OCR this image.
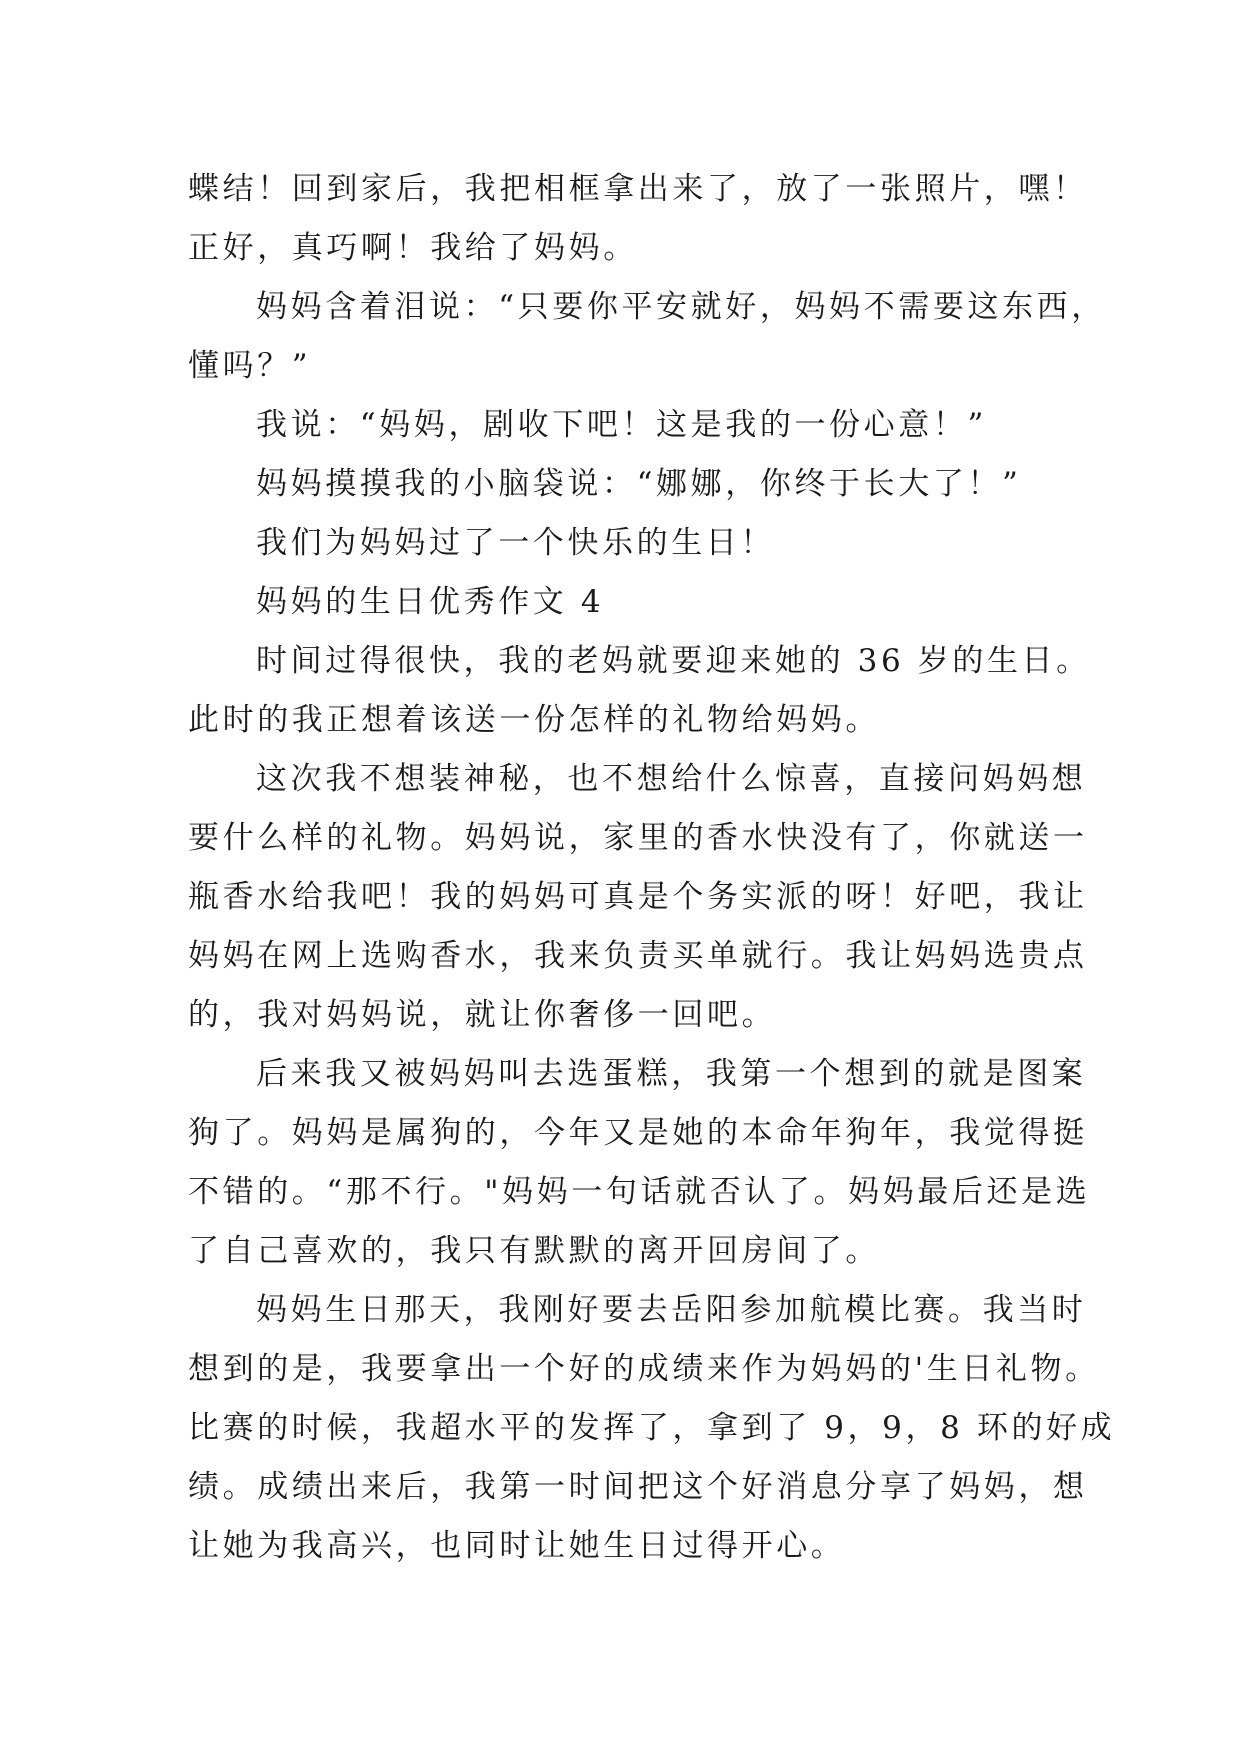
蝶结！回到家后，我把相框拿出来了，放了一张照片，嘿！
正好，真巧啊！我给了妈妈。

妈妈含着泪说：“只要你平安就好，妈妈不需要这东西，
懂吗？”

我说：“妈妈，剧收下吧！这是我的一份心意！”

妈妈摸摸我的小脑袋说：“娜娜，你终于长大了！”

我们为妈妈过了一个快乐的生日！

妈妈的生日优秀作文 4

时间过得很快，我的老妈就要迎来她的 36 岁的生日。
此时的我正想着该送一份怎样的礼物给妈妈。

这次我不想装神秘，也不想给什么惊喜，直接问妈妈想
要什么样的礼物。妈妈说，家里的香水快没有了，你就送一
瓶香水给我吧！我的妈妈可真是个务实派的呀！好吧，我让
妈妈在网上选购香水，我来负责买单就行。我让妈妈选贵点
的，我对妈妈说，就让你奢侈一回吧。

后来我又被妈妈叫去选蛋糕，我第一个想到的就是图案
狗了。妈妈是属狗的，今年又是她的本命年狗年，我觉得挺
不错的。“那不行。"妈妈一句话就否认了。妈妈最后还是选
了自己喜欢的，我只有默默的离开回房间了。

妈妈生日那天，我刚好要去岳阳参加航模比赛。我当时
想到的是，我要拿出一个好的成绩来作为妈妈的'生日礼物。
比赛的时候，我超水平的发挥了，拿到了 9，9，8 环的好成
绩。成绩出来后，我第一时间把这个好消息分享了妈妈，想
让她为我高兴，也同时让她生日过得开心。
